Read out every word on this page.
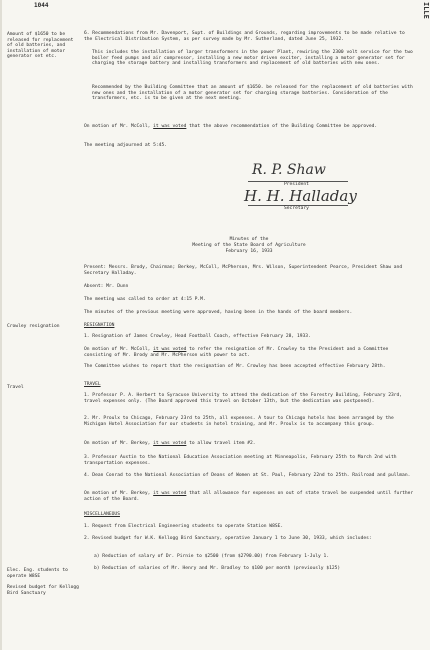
1044	ILLE
Amount of $1650 to be released for replacement of old batteries, and installation of motor generator set etc.
Crowley resignation
Travel
Elec. Eng. students to operate W8SE
Revised budget for Kellogg Bird Sanctuary
6. Recommendations from Mr. Davenport, Supt. of Buildings and Grounds, regarding improvements to be made relative to the Electrical Distribution System, as per survey made by Mr. Sutherland, dated June 25, 1932.
This includes the installation of larger transformers in the power Plant, rewiring the 2300 volt service for the two boiler feed pumps and air compressor, installing a new motor driven exciter, installing a motor generator set for charging the storage battery and installing transformers and replacement of old batteries with new ones.
Recommended by the Building Committee that an amount of $1650. be released for the replacement of old batteries with new ones and the installation of a motor generator set for charging storage batteries. Consideration of the transformers, etc. is to be given at the next meeting.
On motion of Mr. McColl, it was voted that the above recommendation of the Building Committee be approved.
The meeting adjourned at 5:45.
R. P. Shaw
President
H. H. Halladay
Secretary
Minutes of the
Meeting of the State Board of Agriculture
February 16, 1933
Present: Messrs. Brody, Chairman; Berkey, McColl, McPherson, Mrs. Wilson, Superintendent Pearce, President Shaw and Secretary Halladay.
Absent: Mr. Dunn
The meeting was called to order at 4:15 P.M.
The minutes of the previous meeting were approved, having been in the hands of the board members.
RESIGNATION
1. Resignation of James Crowley, Head Football Coach, effective February 28, 1933.
On motion of Mr. McColl, it was voted to refer the resignation of Mr. Crowley to the President and a Committee consisting of Mr. Brody and Mr. McPherson with power to act.
The Committee wishes to report that the resignation of Mr. Crowley has been accepted effective February 28th.
TRAVEL
1. Professor P. A. Herbert to Syracuse University to attend the dedication of the Forestry Building, February 23rd, travel expenses only. (The Board approved this travel on October 13th, but the dedication was postponed).
2. Mr. Proulx to Chicago, February 23rd to 25th, all expenses. A tour to Chicago hotels has been arranged by the Michigan Hotel Association for our students in hotel training, and Mr. Proulx is to accompany this group.
On motion of Mr. Berkey, it was voted to allow travel item #2.
3. Professor Austin to the National Education Association meeting at Minneapolis, February 25th to March 2nd with transportation expenses.
4. Dean Conrad to the National Association of Deans of Women at St. Paul, February 22nd to 25th. Railroad and pullman.
On motion of Mr. Berkey, it was voted that all allowance for expenses on out of state travel be suspended until further action of the Board.
MISCELLANEOUS
1. Request from Electrical Engineering students to operate Station W8SE.
2. Revised budget for W.K. Kellogg Bird Sanctuary, operative January 1 to June 30, 1933, which includes:
a) Reduction of salary of Dr. Pirnie to $2500 (from $2790.00) from February 1-July 1.
b) Reduction of salaries of Mr. Henry and Mr. Bradley to $100 per month (previously $125)
